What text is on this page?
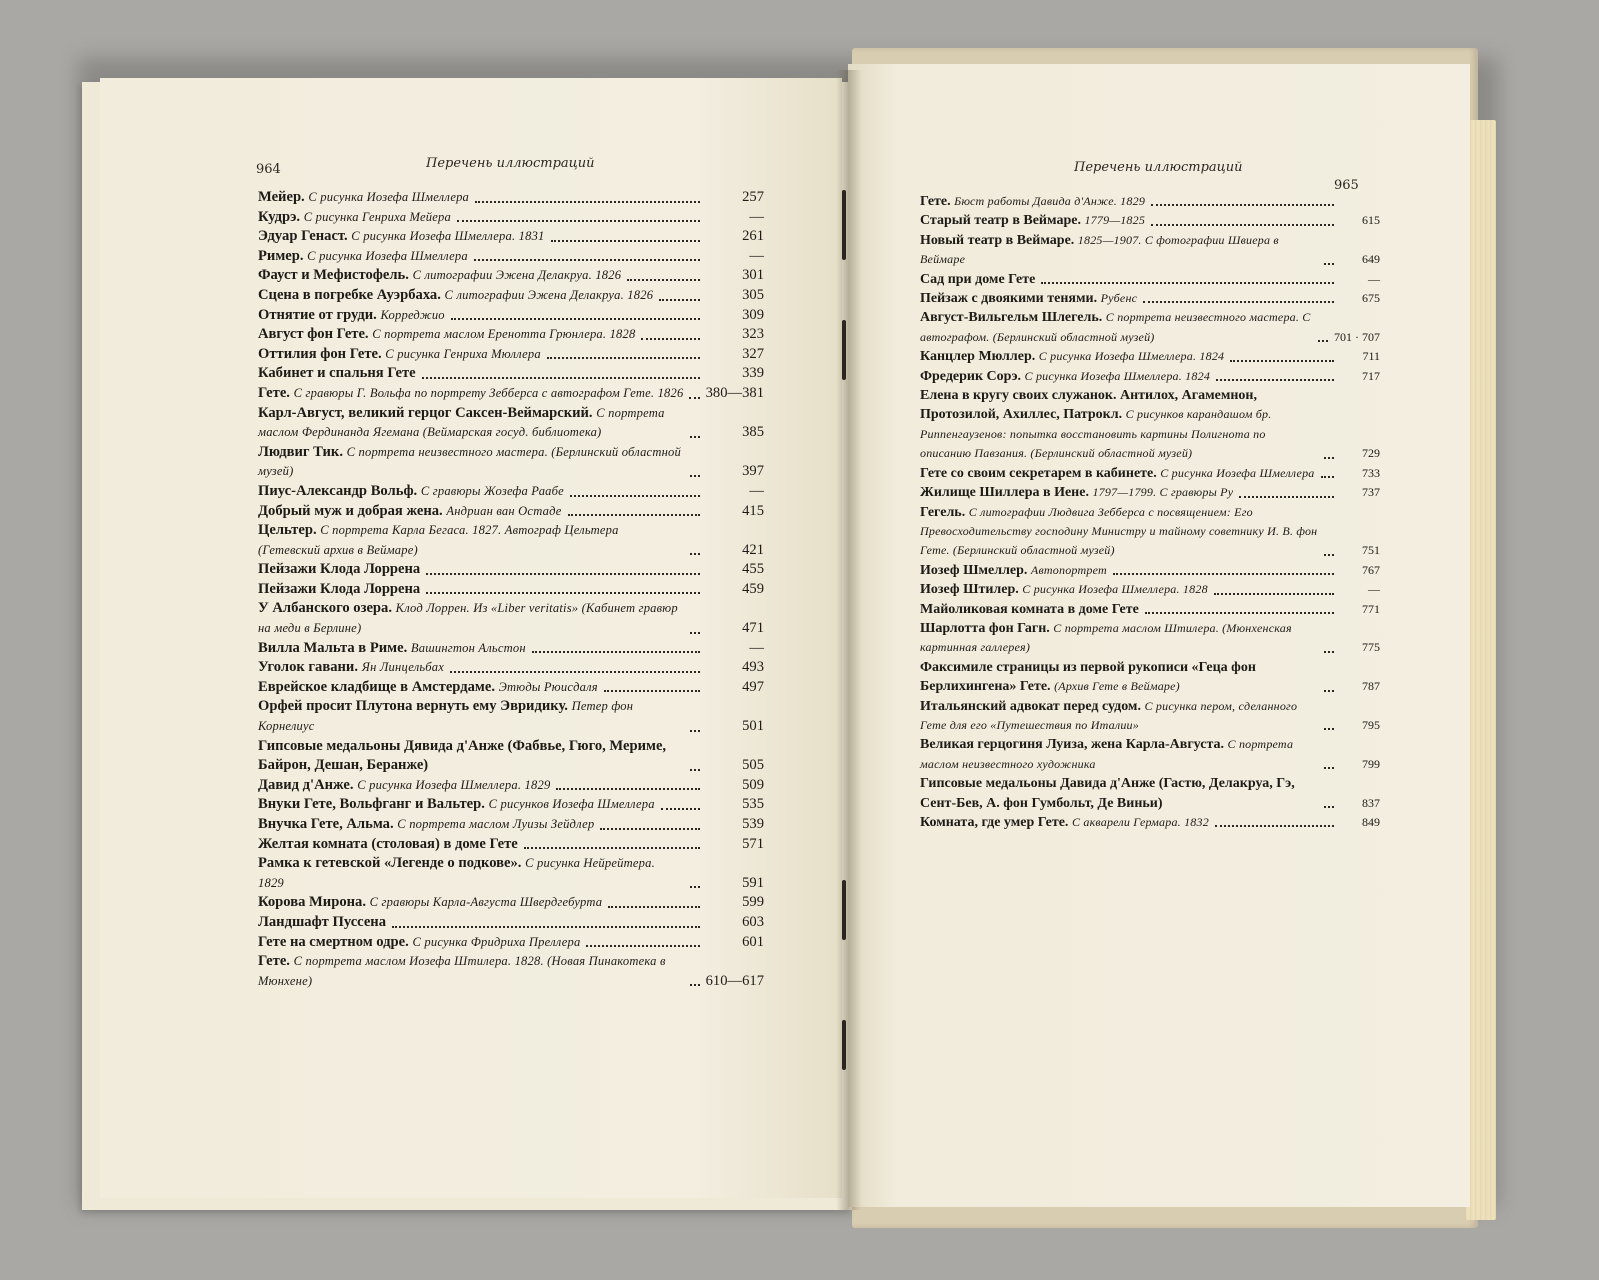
964	Перечень иллюстраций
Мейер. С рисунка Иозефа Шмеллера	257
Кудрэ. С рисунка Генриха Мейера	—
Эдуар Генаст. С рисунка Иозефа Шмеллера. 1831	261
Ример. С рисунка Иозефа Шмеллера	—
Фауст и Мефистофель. С литографии Эжена Делакруа. 1826	301
Сцена в погребке Ауэрбаха. С литографии Эжена Делакруа. 1826	305
Отнятие от груди. Корреджио	309
Август фон Гете. С портрета маслом Еренотта Грюнлера. 1828	323
Оттилия фон Гете. С рисунка Генриха Мюллера	327
Кабинет и спальня Гете	339
Гете. С гравюры Г. Вольфа по портрету Зебберса с автографом Гете. 1826 380—381
Карл-Август, великий герцог Саксен-Веймарский. С портрета маслом Фердинанда Ягемана (Веймарская госуд. библиотека)	385
Людвиг Тик. С портрета неизвестного мастера. (Берлинский областной музей)	397
Пиус-Александр Вольф. С гравюры Жозефа Раабе	—
Добрый муж и добрая жена. Андриан ван Остаде	415
Цельтер. С портрета Карла Бегаса. 1827. Автограф Цельтера (Гетевский архив в Веймаре)	421
Пейзажи Клода Лоррена	455
Пейзажи Клода Лоррена	459
У Албанского озера. Клод Лоррен. Из «Liber veritatis» (Кабинет гравюр на меди в Берлине)	471
Вилла Мальта в Риме. Вашингтон Альстон	—
Уголок гавани. Ян Линцельбах	493
Еврейское кладбище в Амстердаме. Этюды Рюисдаля	497
Орфей просит Плутона вернуть ему Эвридику. Петер фон Корнелиус	501
Гипсовые медальоны Дявида д'Анже (Фабвье, Гюго, Мериме, Байрон, Дешан, Беранже)	505
Давид д'Анже. С рисунка Иозефа Шмеллера. 1829	509
Внуки Гете, Вольфганг и Вальтер. С рисунков Иозефа Шмеллера	535
Внучка Гете, Альма. С портрета маслом Луизы Зейдлер	539
Желтая комната (столовая) в доме Гете	571
Рамка к гетевской «Легенде о подкове». С рисунка Нейрейтера. 1829	591
Корова Мирона. С гравюры Карла-Августа Швердгебурта	599
Ландшафт Пуссена	603
Гете на смертном одре. С рисунка Фридриха Преллера	601
Гете. С портрета маслом Иозефа Штилера. 1828. (Новая Пинакотека в Мюнхене)	610—617
Перечень иллюстраций
965
Гете. Бюст работы Давида д'Анже. 1829
Старый театр в Веймаре. 1779—1825	615
Новый театр в Веймаре. 1825—1907. С фотографии Швиера в Веймаре	649
Сад при доме Гете	—
Пейзаж с двоякими тенями. Рубенс	675
Август-Вильгельм Шлегель. С портрета неизвестного мастера. С автографом. (Берлинский областной музей)	701 · 707
Канцлер Мюллер. С рисунка Иозефа Шмеллера. 1824	711
Фредерик Сорэ. С рисунка Иозефа Шмеллера. 1824	717
Елена в кругу своих служанок. Антилох, Агамемнон, Протозилой, Ахиллес, Патрокл. С рисунков карандашом бр. Риппенгаузенов: попытка восстановить картины Полигнота по описанию Павзания. (Берлинский областной музей)	729
Гете со своим секретарем в кабинете. С рисунка Иозефа Шмеллера	733
Жилище Шиллера в Иене. 1797—1799. С гравюры Ру	737
Гегель. С литографии Людвига Зебберса с посвящением: Его Превосходительству господину Министру и тайному советнику И. В. фон Гете. (Берлинский областной музей)	751
Иозеф Шмеллер. Автопортрет	767
Иозеф Штилер. С рисунка Иозефа Шмеллера. 1828	—
Майоликовая комната в доме Гете	771
Шарлотта фон Гагн. С портрета маслом Штилера. (Мюнхенская картинная галлерея)	775
Факсимиле страницы из первой рукописи «Геца фон Берлихингена» Гете. (Архив Гете в Веймаре)	787
Итальянский адвокат перед судом. С рисунка пером, сделанного Гете для его «Путешествия по Италии»	795
Великая герцогиня Луиза, жена Карла-Августа. С портрета маслом неизвестного художника	799
Гипсовые медальоны Давида д'Анже (Гастю, Делакруа, Гэ, Сент-Бев, А. фон Гумбольт, Де Виньи)	837
Комната, где умер Гете. С акварели Гермара. 1832	849
